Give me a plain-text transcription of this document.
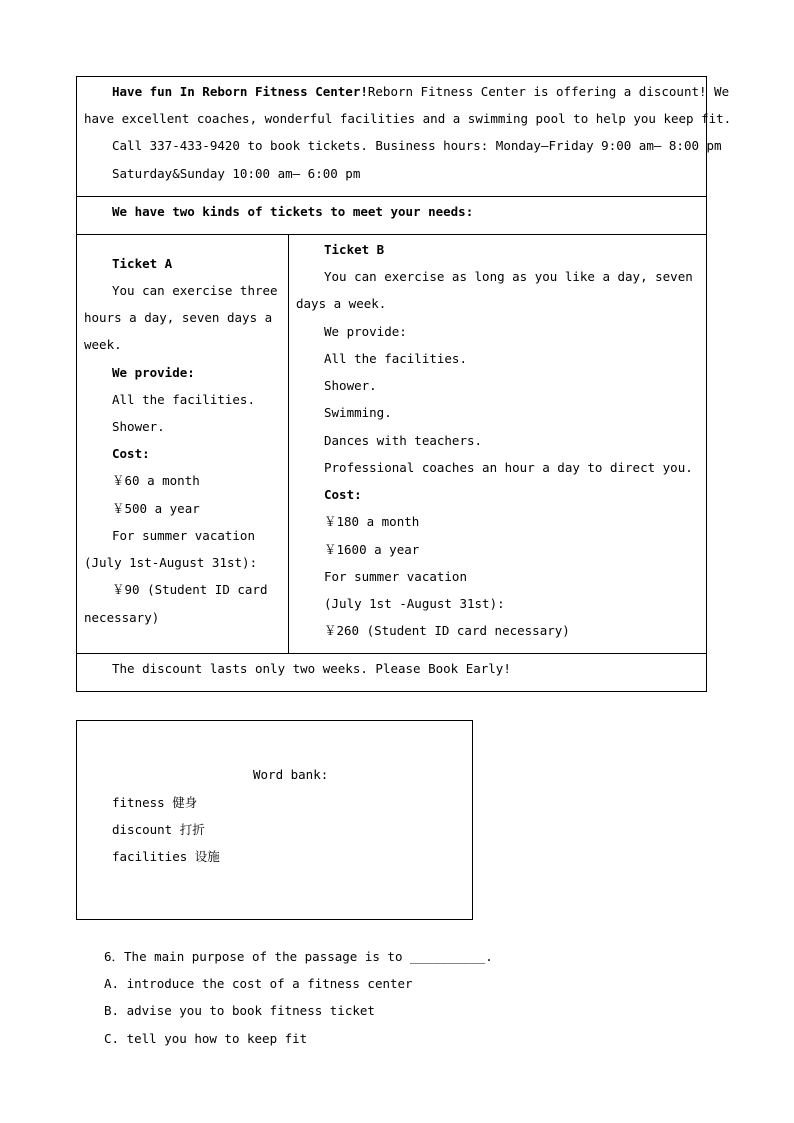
Have fun In Reborn Fitness Center!Reborn Fitness Center is offering a discount! We

have excellent coaches, wonderful facilities and a swimming pool to help you keep fit.

Call 337-433-9420 to book tickets. Business hours: Monday—Friday 9:00 am— 8:00 pm

Saturday&Sunday 10:00 am— 6:00 pm

We have two kinds of tickets to meet your needs:

Ticket A

You can exercise three

hours a day, seven days a

week.

We provide:

All the facilities.

Shower.

Cost:

￥60 a month

￥500 a year

For summer vacation

(July 1st-August 31st):

￥90 (Student ID card

necessary)

Ticket B

You can exercise as long as you like a day, seven

days a week.

We provide:

All the facilities.

Shower.

Swimming.

Dances with teachers.

Professional coaches an hour a day to direct you.

Cost:

￥180 a month

￥1600 a year

For summer vacation

(July 1st -August 31st):

￥260 (Student ID card necessary)

The discount lasts only two weeks. Please Book Early!

Word bank:

fitness 健身

discount 打折

facilities 设施

6．The main purpose of the passage is to __________.

A. introduce the cost of a fitness center

B. advise you to book fitness ticket

C. tell you how to keep fit
